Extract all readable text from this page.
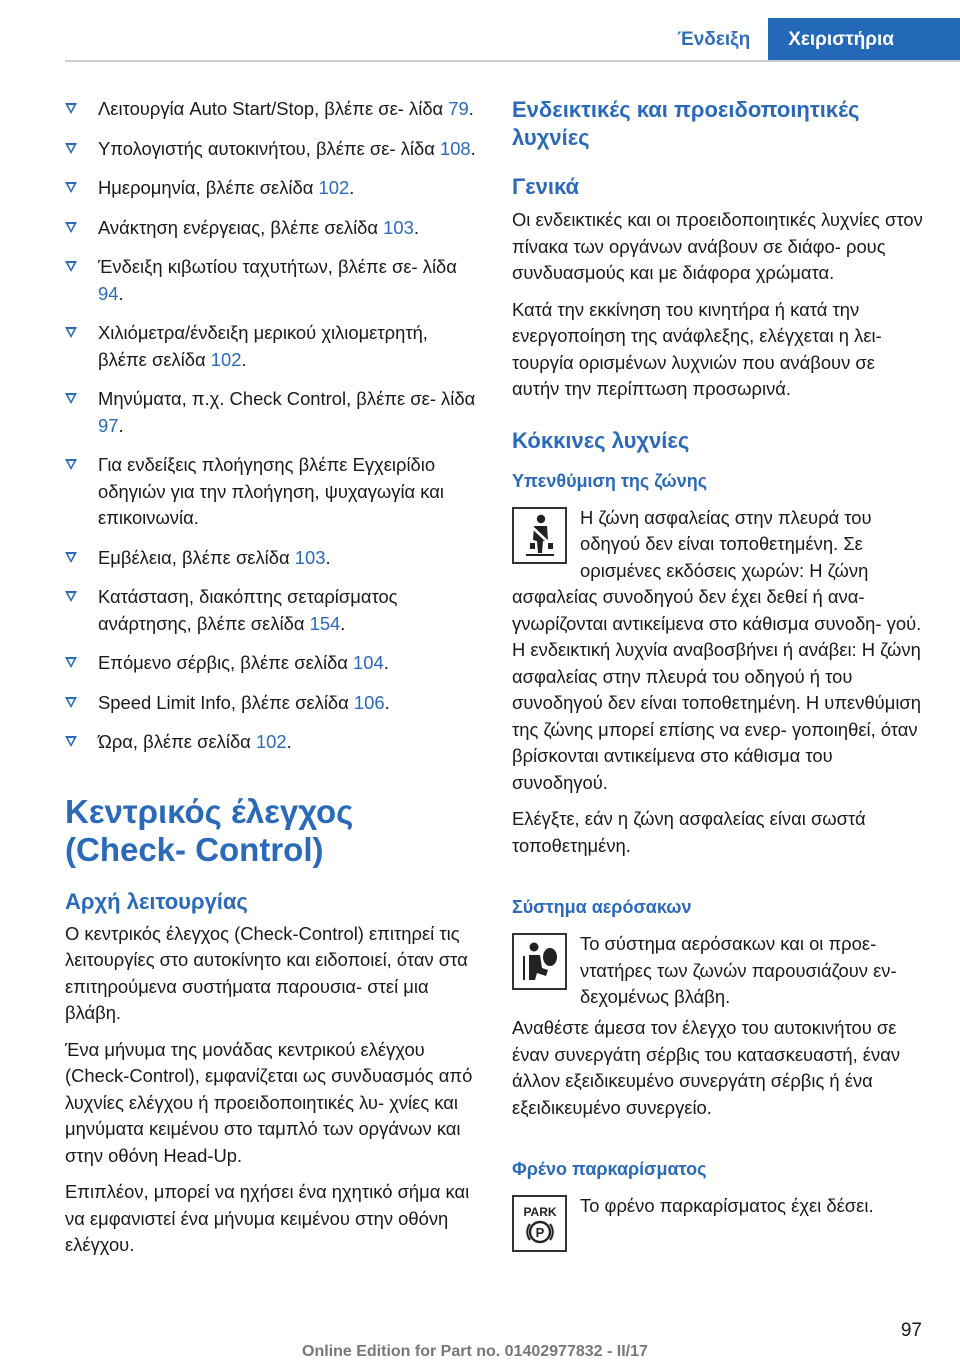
Ένδειξη	Χειριστήρια
Λειτουργία Auto Start/Stop, βλέπε σε- λίδα 79.
Υπολογιστής αυτοκινήτου, βλέπε σε- λίδα 108.
Ημερομηνία, βλέπε σελίδα 102.
Ανάκτηση ενέργειας, βλέπε σελίδα 103.
Ένδειξη κιβωτίου ταχυτήτων, βλέπε σε- λίδα 94.
Χιλιόμετρα/ένδειξη μερικού χιλιομετρητή, βλέπε σελίδα 102.
Μηνύματα, π.χ. Check Control, βλέπε σε- λίδα 97.
Για ενδείξεις πλοήγησης βλέπε Εγχειρίδιο οδηγιών για την πλοήγηση, ψυχαγωγία και επικοινωνία.
Εμβέλεια, βλέπε σελίδα 103.
Κατάσταση, διακόπτης σεταρίσματος ανάρτησης, βλέπε σελίδα 154.
Επόμενο σέρβις, βλέπε σελίδα 104.
Speed Limit Info, βλέπε σελίδα 106.
Ώρα, βλέπε σελίδα 102.
Κεντρικός έλεγχος (Check- Control)
Αρχή λειτουργίας

Ο κεντρικός έλεγχος (Check-Control) επιτηρεί τις λειτουργίες στο αυτοκίνητο και ειδοποιεί, όταν στα επιτηρούμενα συστήματα παρουσια- στεί μια βλάβη.

Ένα μήνυμα της μονάδας κεντρικού ελέγχου (Check-Control), εμφανίζεται ως συνδυασμός από λυχνίες ελέγχου ή προειδοποιητικές λυ- χνίες και μηνύματα κειμένου στο ταμπλό των οργάνων και στην οθόνη Head-Up.

Επιπλέον, μπορεί να ηχήσει ένα ηχητικό σήμα και να εμφανιστεί ένα μήνυμα κειμένου στην οθόνη ελέγχου.

Ενδεικτικές και προειδοποιητικές λυχνίες
Γενικά

Οι ενδεικτικές και οι προειδοποιητικές λυχνίες στον πίνακα των οργάνων ανάβουν σε διάφο- ρους συνδυασμούς και με διάφορα χρώματα.

Κατά την εκκίνηση του κινητήρα ή κατά την ενεργοποίηση της ανάφλεξης, ελέγχεται η λει- τουργία ορισμένων λυχνιών που ανάβουν σε αυτήν την περίπτωση προσωρινά.

Κόκκινες λυχνίες
Υπενθύμιση της ζώνης

Η ζώνη ασφαλείας στην πλευρά του οδηγού δεν είναι τοποθετημένη. Σε ορισμένες εκδόσεις χωρών: Η ζώνη ασφαλείας συνοδηγού δεν έχει δεθεί ή ανα- γνωρίζονται αντικείμενα στο κάθισμα συνοδη- γού.

Η ενδεικτική λυχνία αναβοσβήνει ή ανάβει: Η ζώνη ασφαλείας στην πλευρά του οδηγού ή του συνοδηγού δεν είναι τοποθετημένη. Η υπενθύμιση της ζώνης μπορεί επίσης να ενερ- γοποιηθεί, όταν βρίσκονται αντικείμενα στο κάθισμα του συνοδηγού.

Ελέγξτε, εάν η ζώνη ασφαλείας είναι σωστά τοποθετημένη.

Σύστημα αερόσακων

Το σύστημα αερόσακων και οι προε- ντατήρες των ζωνών παρουσιάζουν εν- δεχομένως βλάβη.

Αναθέστε άμεσα τον έλεγχο του αυτοκινήτου σε έναν συνεργάτη σέρβις του κατασκευαστή, έναν άλλον εξειδικευμένο συνεργάτη σέρβις ή ένα εξειδικευμένο συνεργείο.

Φρένο παρκαρίσματος
PARK
P

Το φρένο παρκαρίσματος έχει δέσει.

97
Online Edition for Part no. 01402977832 - II/17
